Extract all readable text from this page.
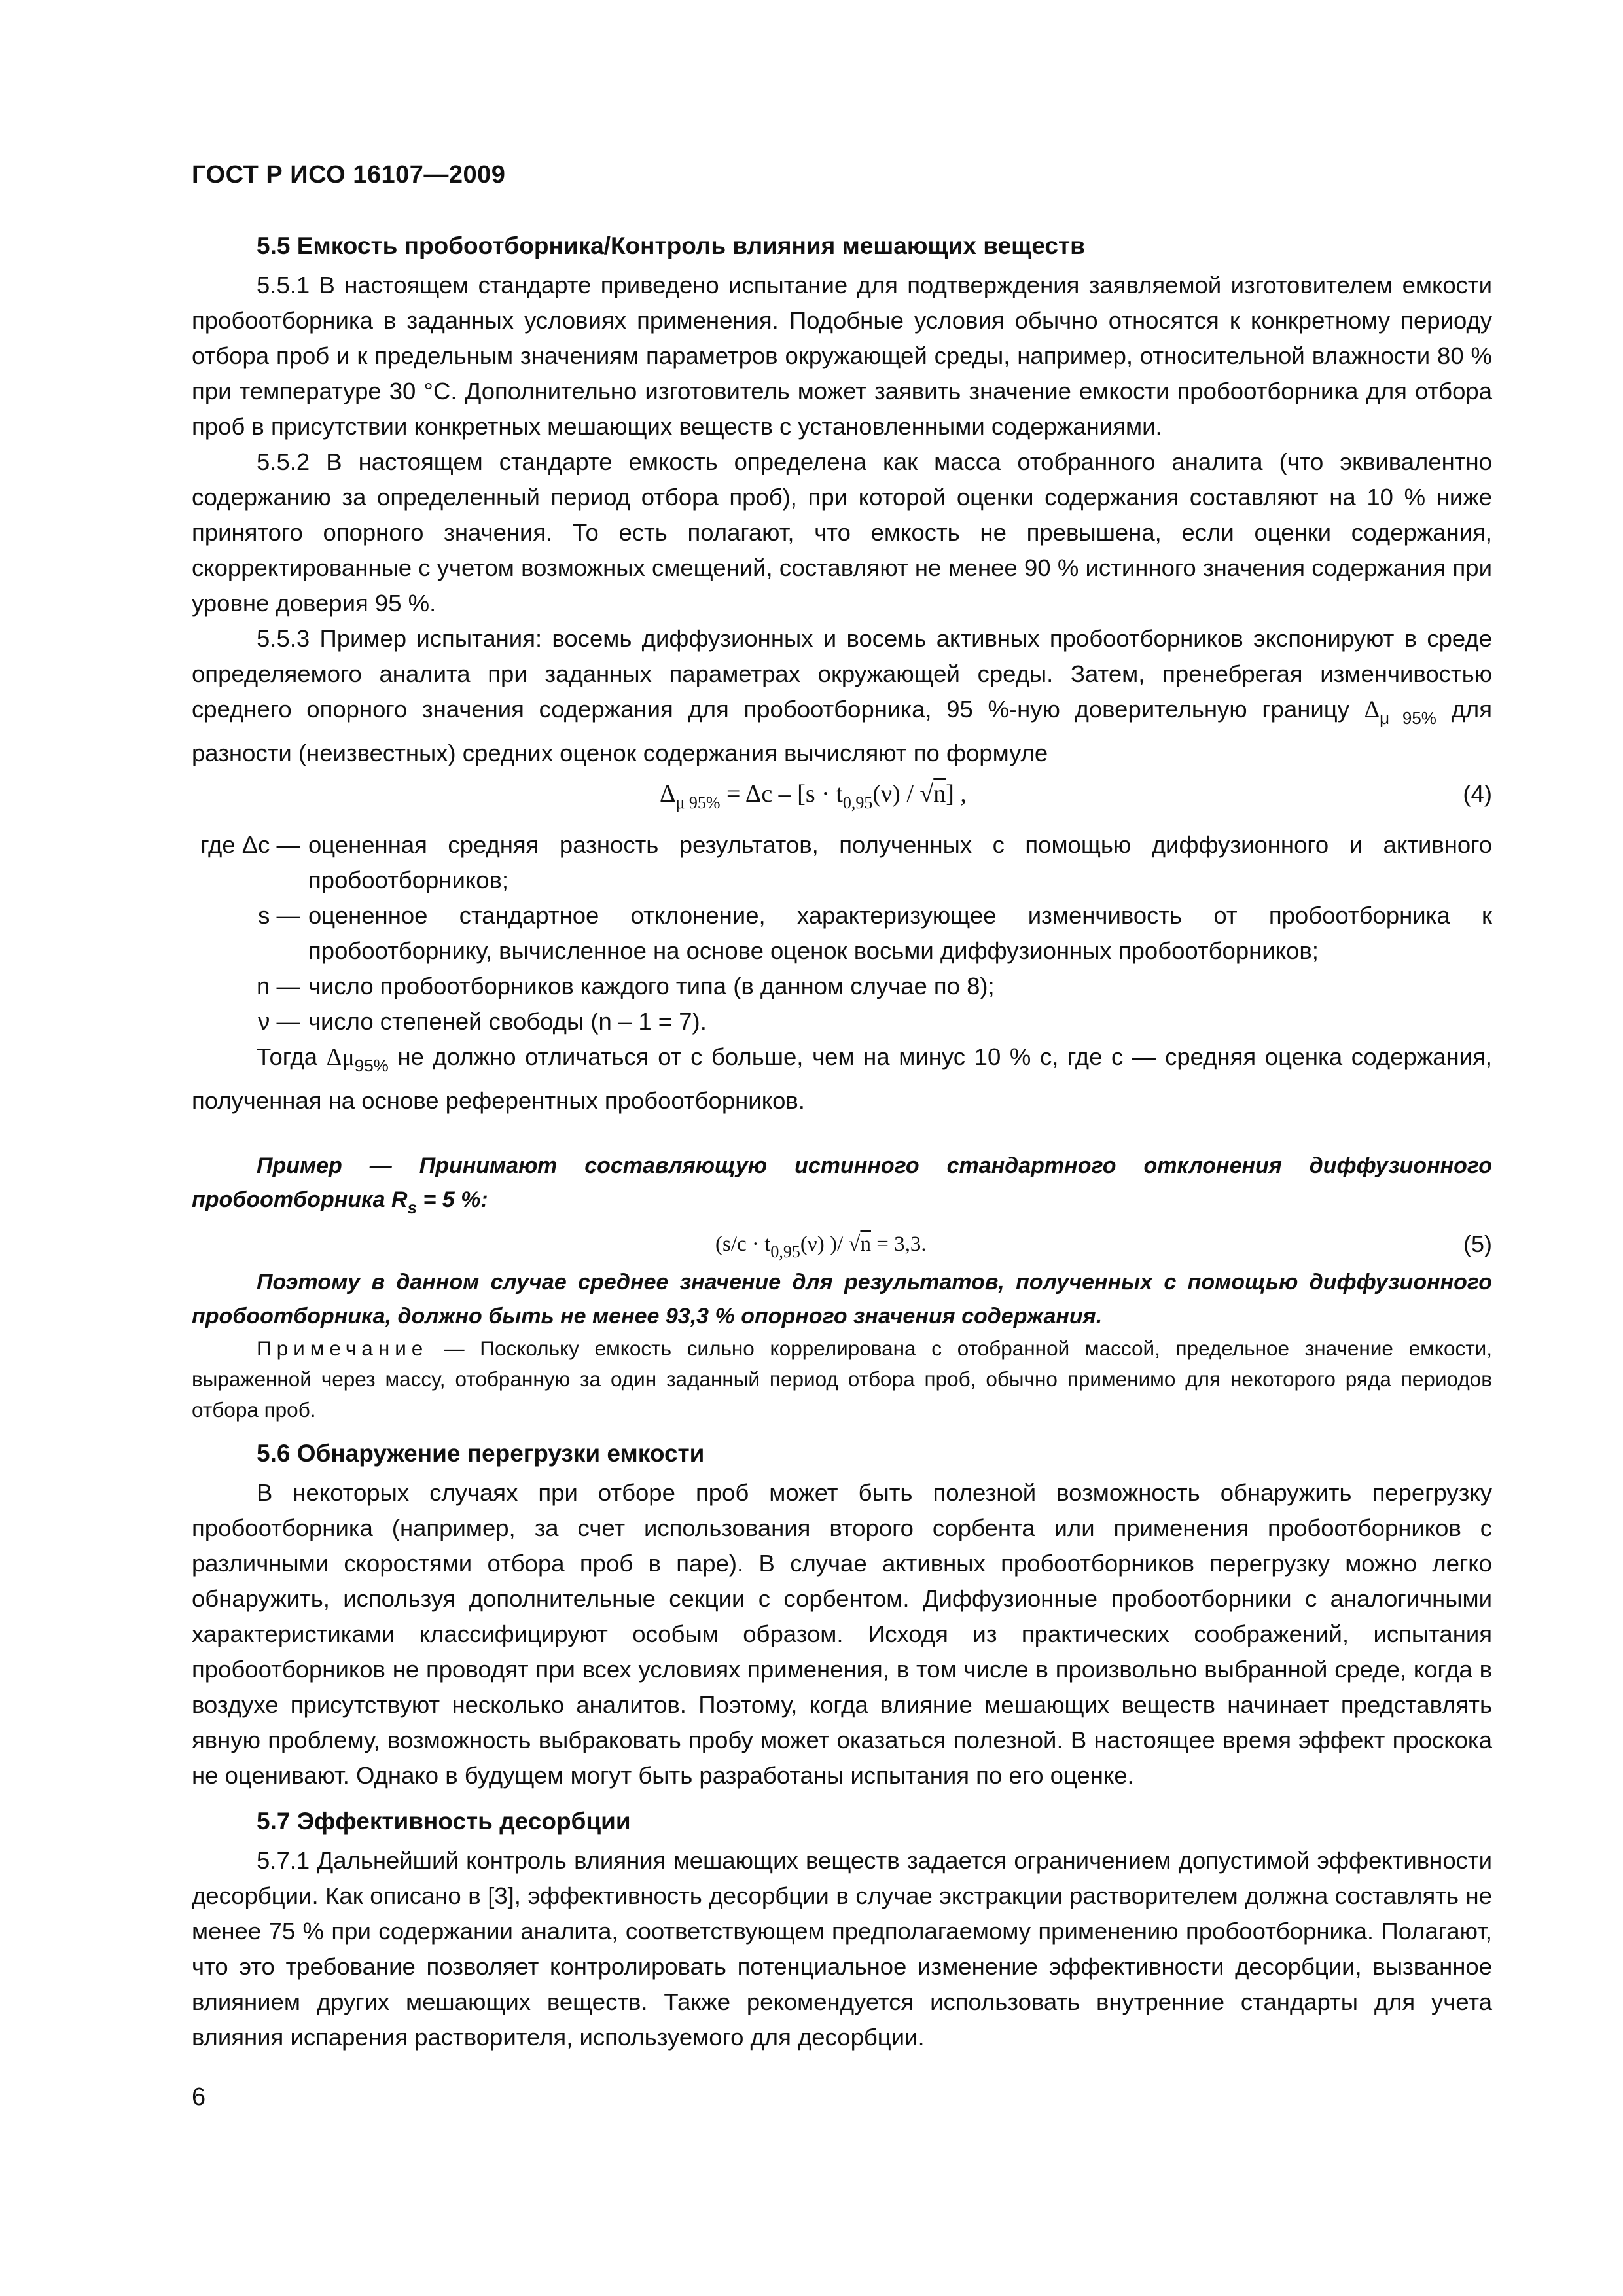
ГОСТ Р ИСО 16107—2009
5.5 Емкость пробоотборника/Контроль влияния мешающих веществ

5.5.1 В настоящем стандарте приведено испытание для подтверждения заявляемой изготовителем емкости пробоотборника в заданных условиях применения. Подобные условия обычно относятся к конкретному периоду отбора проб и к предельным значениям параметров окружающей среды, например, относительной влажности 80 % при температуре 30 °С. Дополнительно изготовитель может заявить значение емкости пробоотборника для отбора проб в присутствии конкретных мешающих веществ с установленными содержаниями.

5.5.2 В настоящем стандарте емкость определена как масса отобранного аналита (что эквивалентно содержанию за определенный период отбора проб), при которой оценки содержания составляют на 10 % ниже принятого опорного значения. То есть полагают, что емкость не превышена, если оценки содержания, скорректированные с учетом возможных смещений, составляют не менее 90 % истинного значения содержания при уровне доверия 95 %.

5.5.3 Пример испытания: восемь диффузионных и восемь активных пробоотборников экспонируют в среде определяемого аналита при заданных параметрах окружающей среды. Затем, пренебрегая изменчивостью среднего опорного значения содержания для пробоотборника, 95 %-ную доверительную границу $\Delta_{\mu 95\%}$ для разности (неизвестных) средних оценок содержания вычисляют по формуле

$\Delta_{\mu 95\%} = \Delta c - [s \cdot t_{0,95}(\nu) / √n]$ ,	(4)
где Δc — оцененная средняя разность результатов, полученных с помощью диффузионного и активного пробоотборников;
s — оцененное стандартное отклонение, характеризующее изменчивость от пробоотборника к пробоотборнику, вычисленное на основе оценок восьми диффузионных пробоотборников;
n — число пробоотборников каждого типа (в данном случае по 8);
ν — число степеней свободы (n – 1 = 7).

Тогда $\Delta\mu_{95\%}$ не должно отличаться от c больше, чем на минус 10 % c, где c — средняя оценка содержания, полученная на основе референтных пробоотборников.

Пример — Принимают составляющую истинного стандартного отклонения диффузионного пробоотборника $R_s = 5$ %:

($s/c \cdot t_{0,95}(\nu)$ )/ √n = 3,3.	(5)

Поэтому в данном случае среднее значение для результатов, полученных с помощью диффузионного пробоотборника, должно быть не менее 93,3 % опорного значения содержания.

Примечание — Поскольку емкость сильно коррелирована с отобранной массой, предельное значение емкости, выраженной через массу, отобранную за один заданный период отбора проб, обычно применимо для некоторого ряда периодов отбора проб.

5.6 Обнаружение перегрузки емкости

В некоторых случаях при отборе проб может быть полезной возможность обнаружить перегрузку пробоотборника (например, за счет использования второго сорбента или применения пробоотборников с различными скоростями отбора проб в паре). В случае активных пробоотборников перегрузку можно легко обнаружить, используя дополнительные секции с сорбентом. Диффузионные пробоотборники с аналогичными характеристиками классифицируют особым образом. Исходя из практических соображений, испытания пробоотборников не проводят при всех условиях применения, в том числе в произвольно выбранной среде, когда в воздухе присутствуют несколько аналитов. Поэтому, когда влияние мешающих веществ начинает представлять явную проблему, возможность выбраковать пробу может оказаться полезной. В настоящее время эффект проскока не оценивают. Однако в будущем могут быть разработаны испытания по его оценке.

5.7 Эффективность десорбции

5.7.1 Дальнейший контроль влияния мешающих веществ задается ограничением допустимой эффективности десорбции. Как описано в [3], эффективность десорбции в случае экстракции растворителем должна составлять не менее 75 % при содержании аналита, соответствующем предполагаемому применению пробоотборника. Полагают, что это требование позволяет контролировать потенциальное изменение эффективности десорбции, вызванное влиянием других мешающих веществ. Также рекомендуется использовать внутренние стандарты для учета влияния испарения растворителя, используемого для десорбции.

6
